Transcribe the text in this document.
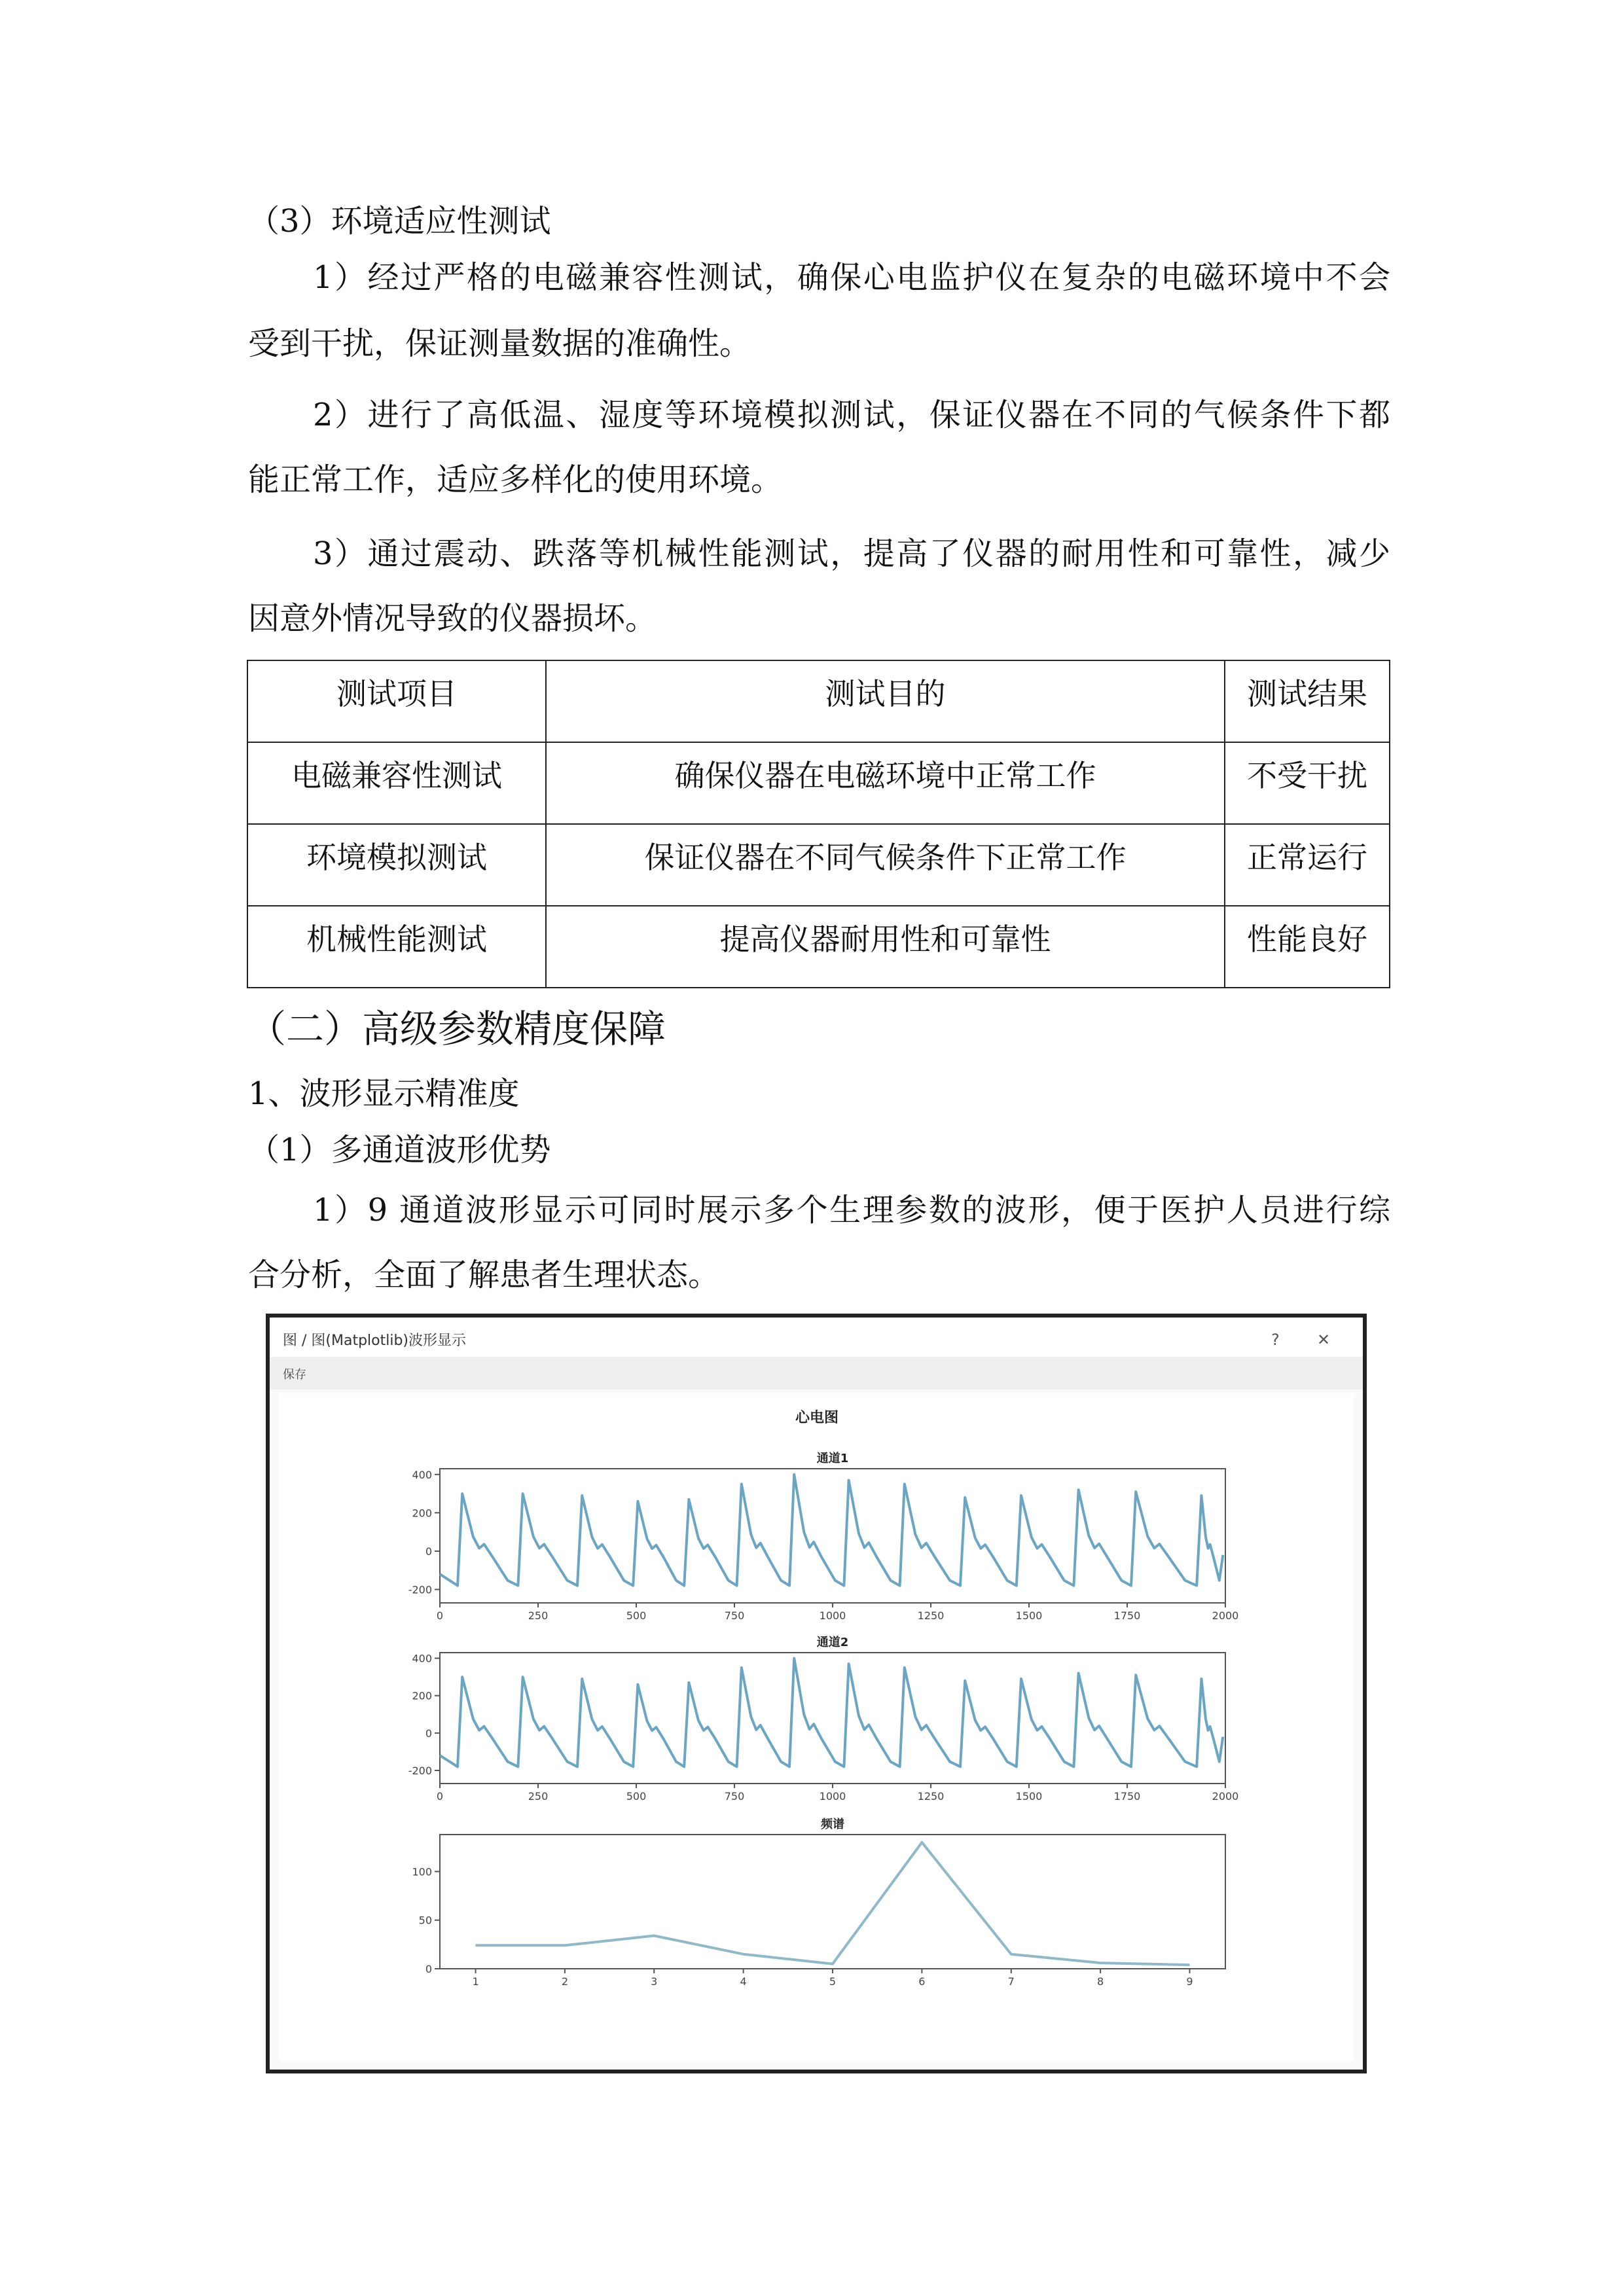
（3）环境适应性测试
1）经过严格的电磁兼容性测试，确保心电监护仪在复杂的电磁环境中不会
受到干扰，保证测量数据的准确性。
2）进行了高低温、湿度等环境模拟测试，保证仪器在不同的气候条件下都
能正常工作，适应多样化的使用环境。
3）通过震动、跌落等机械性能测试，提高了仪器的耐用性和可靠性，减少
因意外情况导致的仪器损坏。
测试项目	测试目的	测试结果
电磁兼容性测试	确保仪器在电磁环境中正常工作	不受干扰
环境模拟测试	保证仪器在不同气候条件下正常工作	正常运行
机械性能测试	提高仪器耐用性和可靠性	性能良好
（二）高级参数精度保障
1、波形显示精准度
（1）多通道波形优势
1）9 通道波形显示可同时展示多个生理参数的波形，便于医护人员进行综
合分析，全面了解患者生理状态。
图 / 图(Matplotlib)波形显示	? ✕
保存
心电图
通道1
0	250	500	750	1000	1250	1500	1750	2000
400
200
0
-200
通道2
0	250	500	750	1000	1250	1500	1750	2000
400
200
0
-200
频谱
1	2	3	4	5	6	7	8	9
100
50
0
